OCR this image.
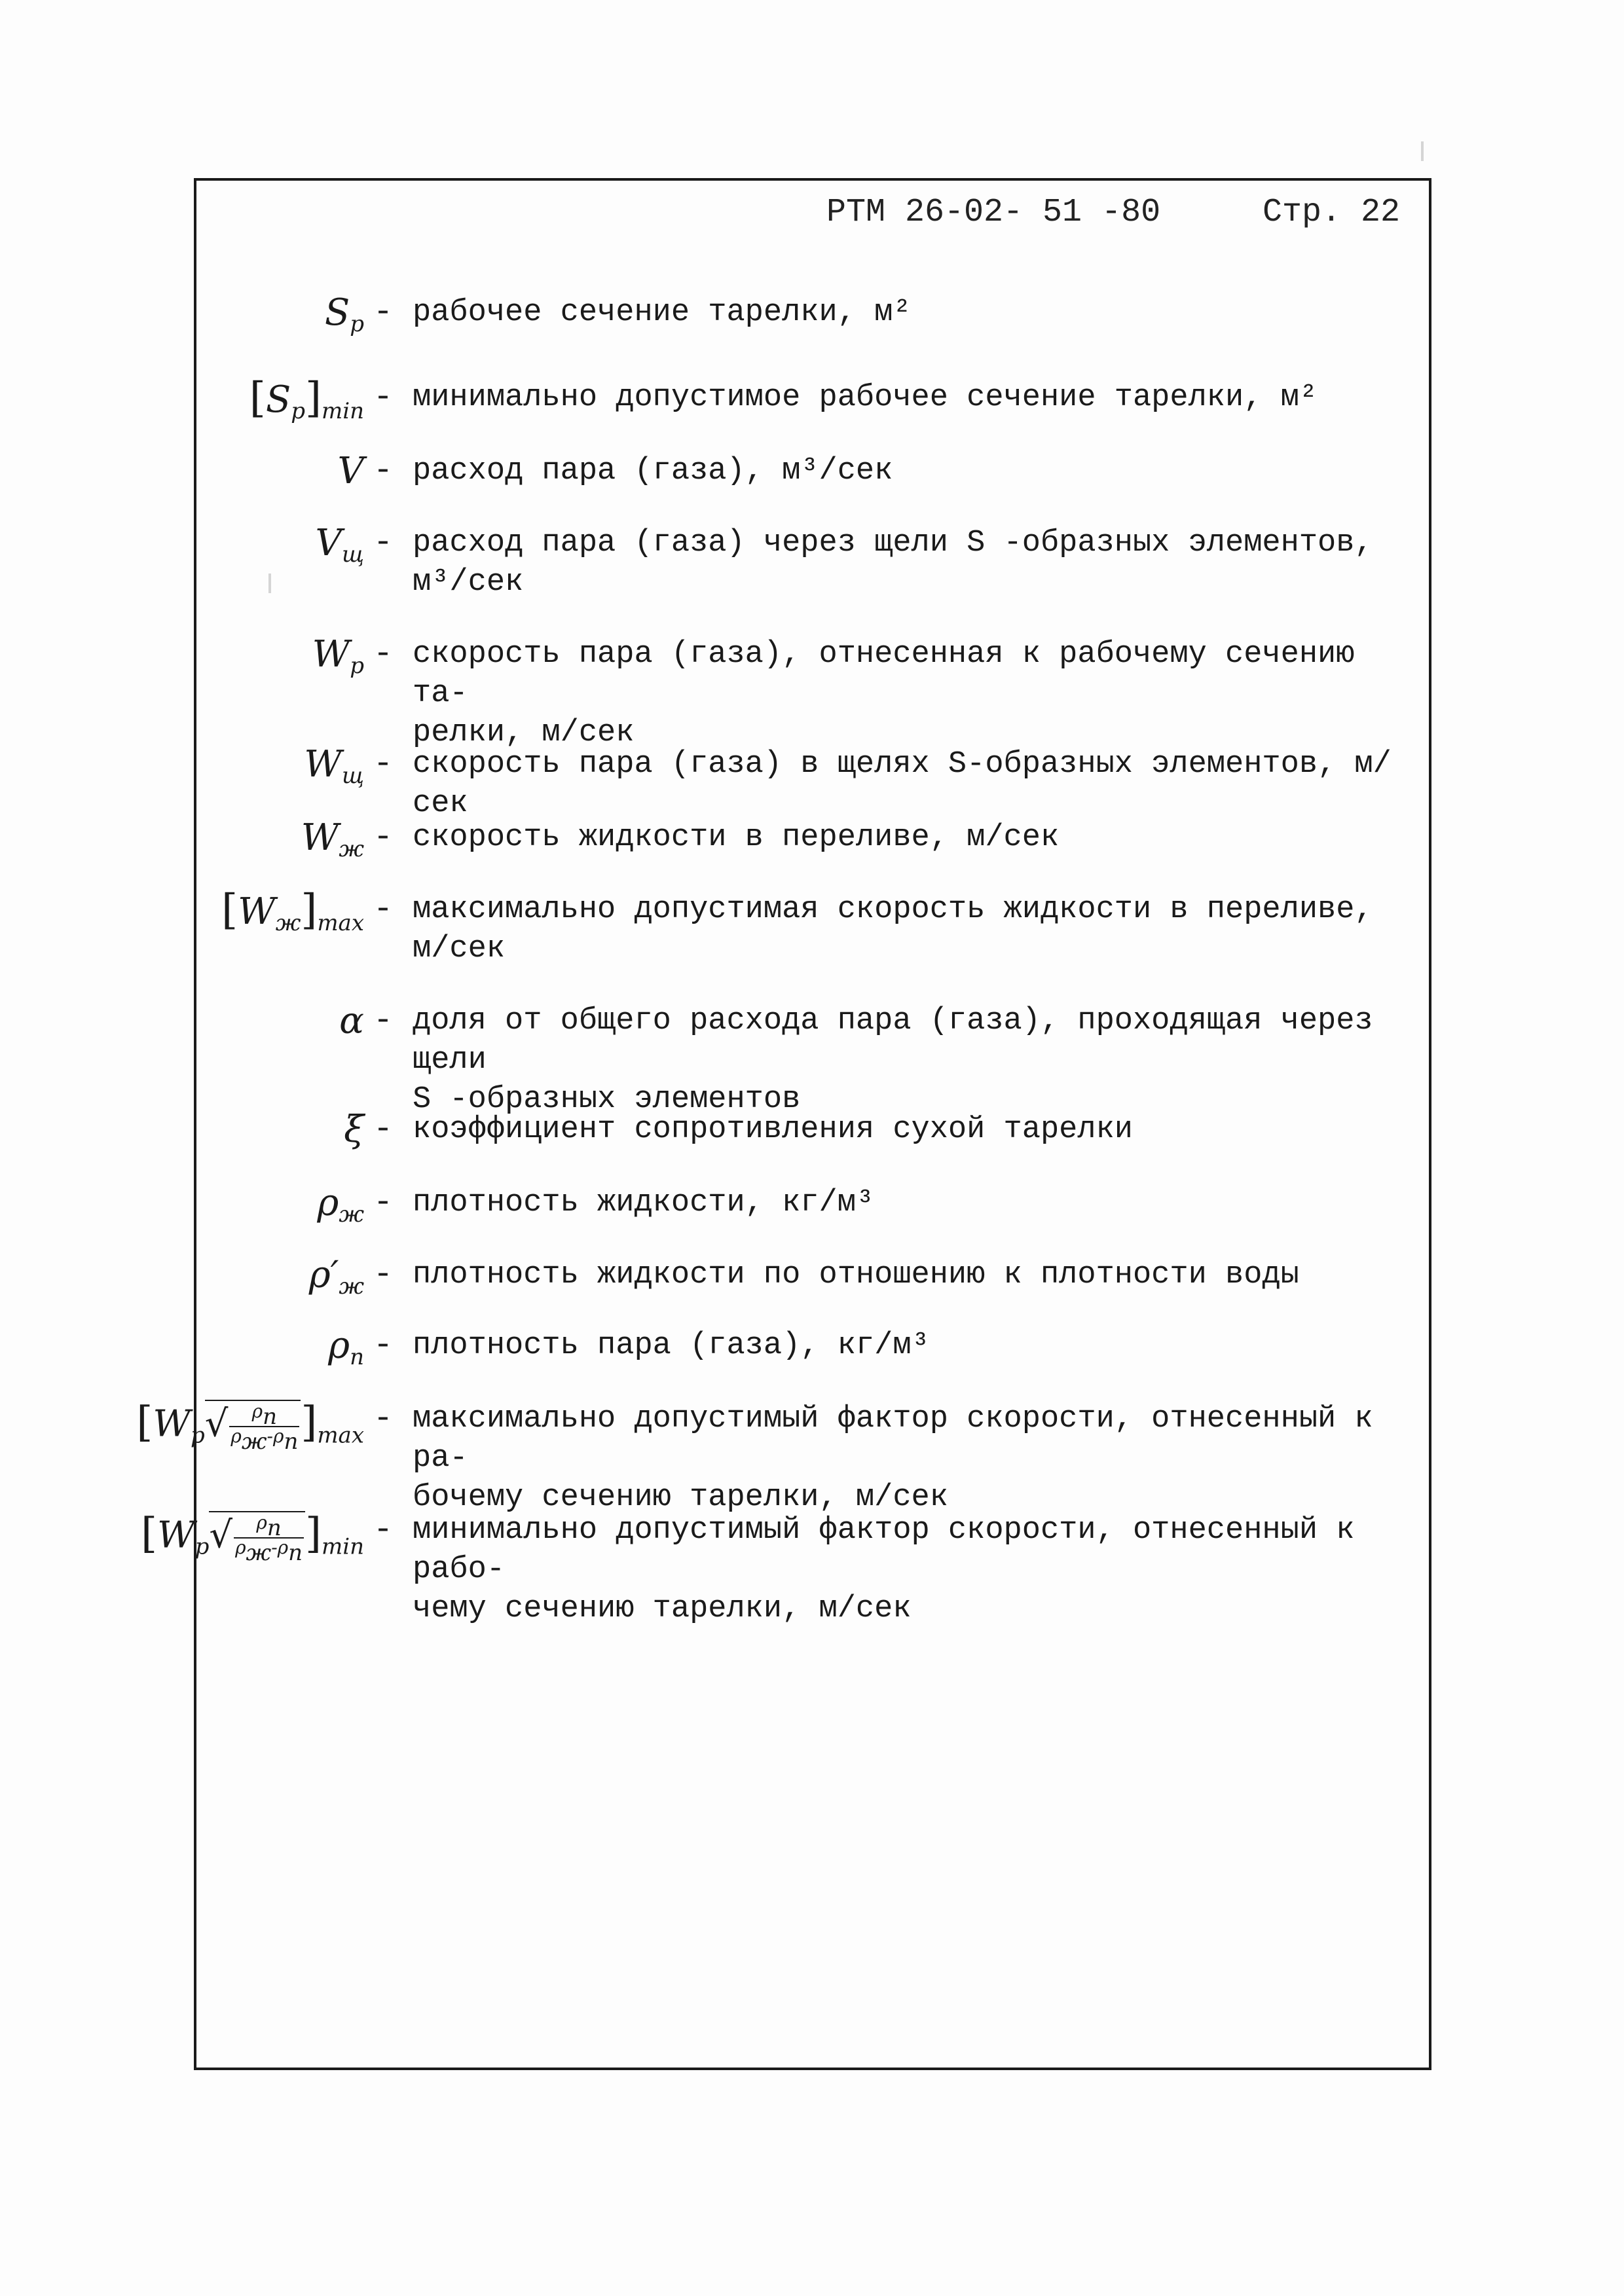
РТМ 26-02- 51 -80	Стр. 22
$S_p$ - рабочее сечение тарелки, м²
$[S_p]_{min}$ - минимально допустимое рабочее сечение тарелки, м²
V - расход пара (газа), м³/сек
$V_щ$ - расход пара (газа) через щели S -образных элементов,
м³/сек
$W_p$ - скорость пара (газа), отнесенная к рабочему сечению та-
релки, м/сек
$W_щ$ - скорость пара (газа) в щелях S-образных элементов, м/сек
$W_ж$ - скорость жидкости в переливе, м/сек
$[W_ж]_{max}$ - максимально допустимая скорость жидкости в переливе,
м/сек
α - доля от общего расхода пара (газа), проходящая через щели
S -образных элементов
ξ - коэффициент сопротивления сухой тарелки
$\rho_ж$ - плотность жидкости, кг/м³
$\rho'_ж$ - плотность жидкости по отношению к плотности воды
$\rho_п$ - плотность пара (газа), кг/м³
$[W_p√ \frac{\rho_п}{\rho_ж-\rho_п} ]_{max}$ - максимально допустимый фактор скорости, отнесенный к ра-
бочему сечению тарелки, м/сек
$[W_p√ \frac{\rho_п}{\rho_ж-\rho_п} ]_{min}$ - минимально допустимый фактор скорости, отнесенный к рабо-
чему сечению тарелки, м/сек
